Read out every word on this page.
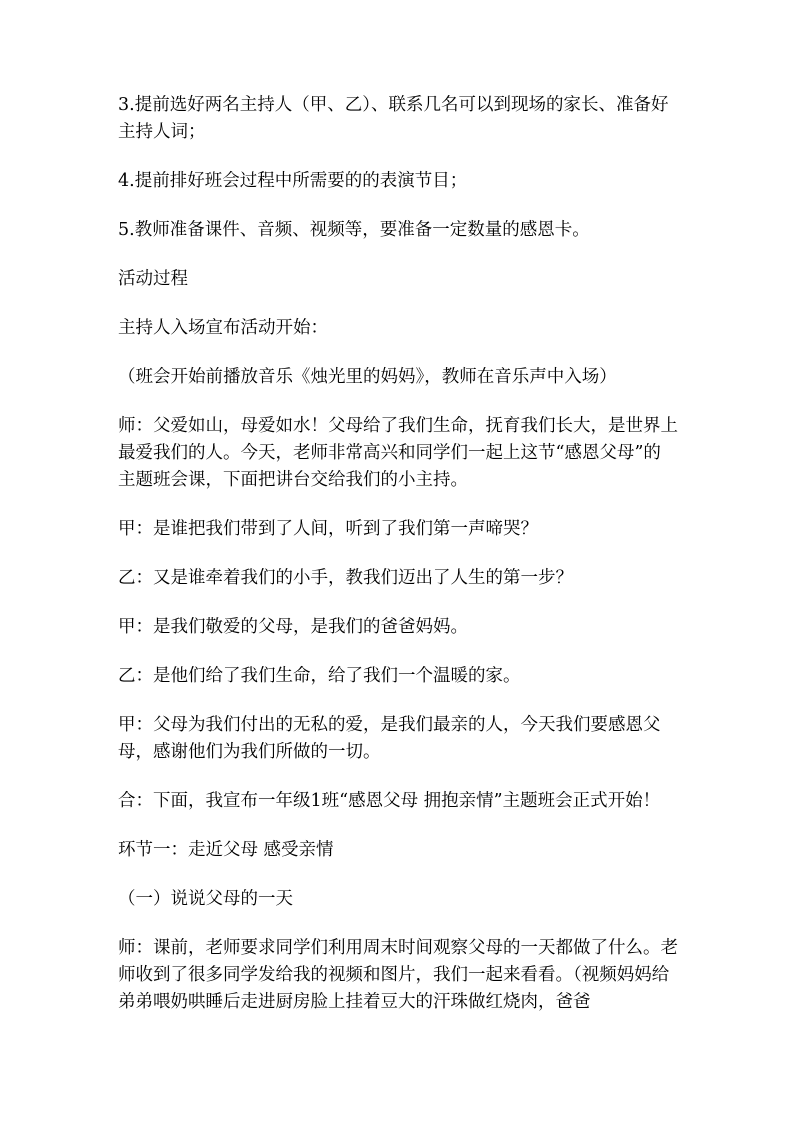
3.提前选好两名主持人（甲、乙）、联系几名可以到现场的家长、准备好主持人词；

4.提前排好班会过程中所需要的的表演节目；

5.教师准备课件、音频、视频等，要准备一定数量的感恩卡。

活动过程

主持人入场宣布活动开始：

（班会开始前播放音乐《烛光里的妈妈》，教师在音乐声中入场）

师：父爱如山，母爱如水！父母给了我们生命，抚育我们长大，是世界上最爱我们的人。今天，老师非常高兴和同学们一起上这节“感恩父母”的主题班会课，下面把讲台交给我们的小主持。

甲：是谁把我们带到了人间，听到了我们第一声啼哭？

乙：又是谁牵着我们的小手，教我们迈出了人生的第一步？

甲：是我们敬爱的父母，是我们的爸爸妈妈。

乙：是他们给了我们生命，给了我们一个温暖的家。

甲：父母为我们付出的无私的爱，是我们最亲的人，今天我们要感恩父母，感谢他们为我们所做的一切。

合：下面，我宣布一年级1班“感恩父母 拥抱亲情”主题班会正式开始！

环节一：走近父母 感受亲情

（一）说说父母的一天

师：课前，老师要求同学们利用周末时间观察父母的一天都做了什么。老师收到了很多同学发给我的视频和图片，我们一起来看看。（视频妈妈给弟弟喂奶哄睡后走进厨房脸上挂着豆大的汗珠做红烧肉，爸爸
